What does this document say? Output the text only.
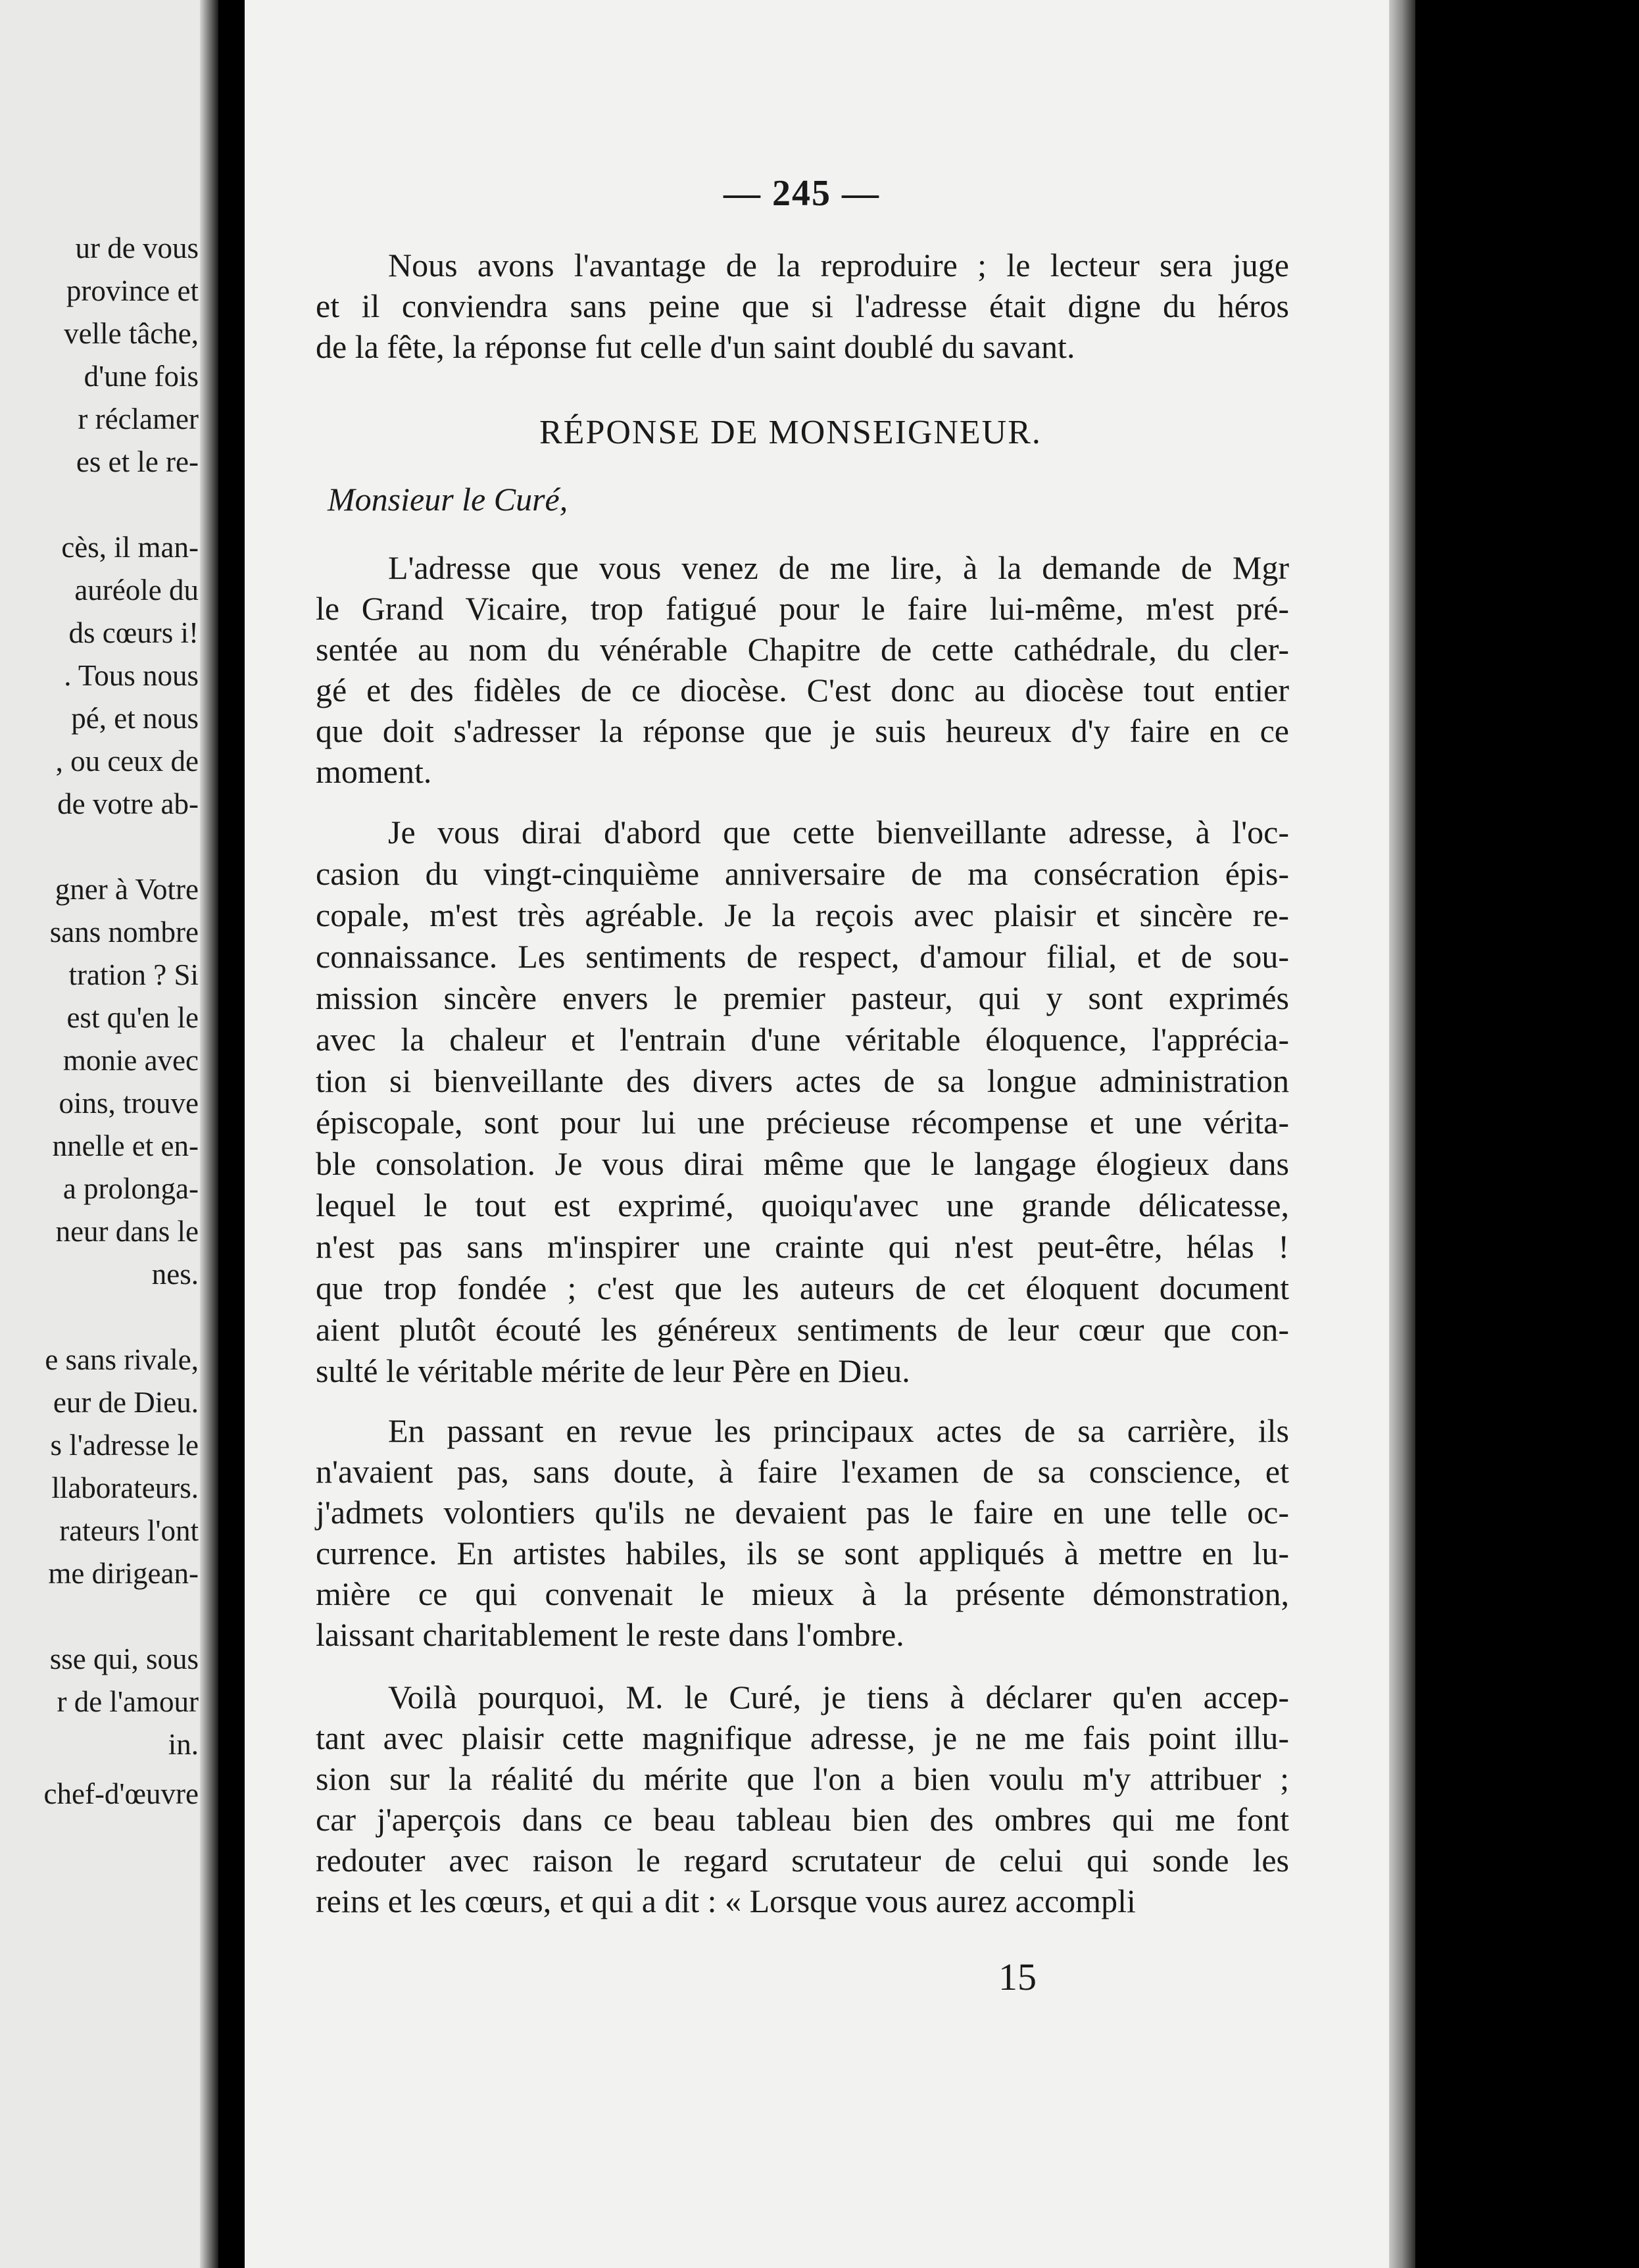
ur de vous
province et
velle tâche,
d'une fois
r réclamer
es et le re-
cès, il man-
auréole du
ds cœurs i!
. Tous nous
pé, et nous
, ou ceux de
de votre ab-
gner à Votre
sans nombre
tration ? Si
est qu'en le
monie avec
oins, trouve
nnelle et en-
a prolonga-
neur dans le
nes.
e sans rivale,
eur de Dieu.
s l'adresse le
llaborateurs.
rateurs l'ont
me dirigean-
sse qui, sous
r de l'amour
in.
chef-d'œuvre
— 245 —
Nous avons l'avantage de la reproduire ; le lecteur sera juge
et il conviendra sans peine que si l'adresse était digne du héros
de la fête, la réponse fut celle d'un saint doublé du savant.
L'adresse que vous venez de me lire, à la demande de Mgr
le Grand Vicaire, trop fatigué pour le faire lui-même, m'est pré-
sentée au nom du vénérable Chapitre de cette cathédrale, du cler-
gé et des fidèles de ce diocèse. C'est donc au diocèse tout entier
que doit s'adresser la réponse que je suis heureux d'y faire en ce
moment.
Je vous dirai d'abord que cette bienveillante adresse, à l'oc-
casion du vingt-cinquième anniversaire de ma consécration épis-
copale, m'est très agréable. Je la reçois avec plaisir et sincère re-
connaissance. Les sentiments de respect, d'amour filial, et de sou-
mission sincère envers le premier pasteur, qui y sont exprimés
avec la chaleur et l'entrain d'une véritable éloquence, l'apprécia-
tion si bienveillante des divers actes de sa longue administration
épiscopale, sont pour lui une précieuse récompense et une vérita-
ble consolation. Je vous dirai même que le langage élogieux dans
lequel le tout est exprimé, quoiqu'avec une grande délicatesse,
n'est pas sans m'inspirer une crainte qui n'est peut-être, hélas !
que trop fondée ; c'est que les auteurs de cet éloquent document
aient plutôt écouté les généreux sentiments de leur cœur que con-
sulté le véritable mérite de leur Père en Dieu.
En passant en revue les principaux actes de sa carrière, ils
n'avaient pas, sans doute, à faire l'examen de sa conscience, et
j'admets volontiers qu'ils ne devaient pas le faire en une telle oc-
currence. En artistes habiles, ils se sont appliqués à mettre en lu-
mière ce qui convenait le mieux à la présente démonstration,
laissant charitablement le reste dans l'ombre.
Voilà pourquoi, M. le Curé, je tiens à déclarer qu'en accep-
tant avec plaisir cette magnifique adresse, je ne me fais point illu-
sion sur la réalité du mérite que l'on a bien voulu m'y attribuer ;
car j'aperçois dans ce beau tableau bien des ombres qui me font
redouter avec raison le regard scrutateur de celui qui sonde les
reins et les cœurs, et qui a dit : « Lorsque vous aurez accompli
RÉPONSE DE MONSEIGNEUR.
Monsieur le Curé,
15
